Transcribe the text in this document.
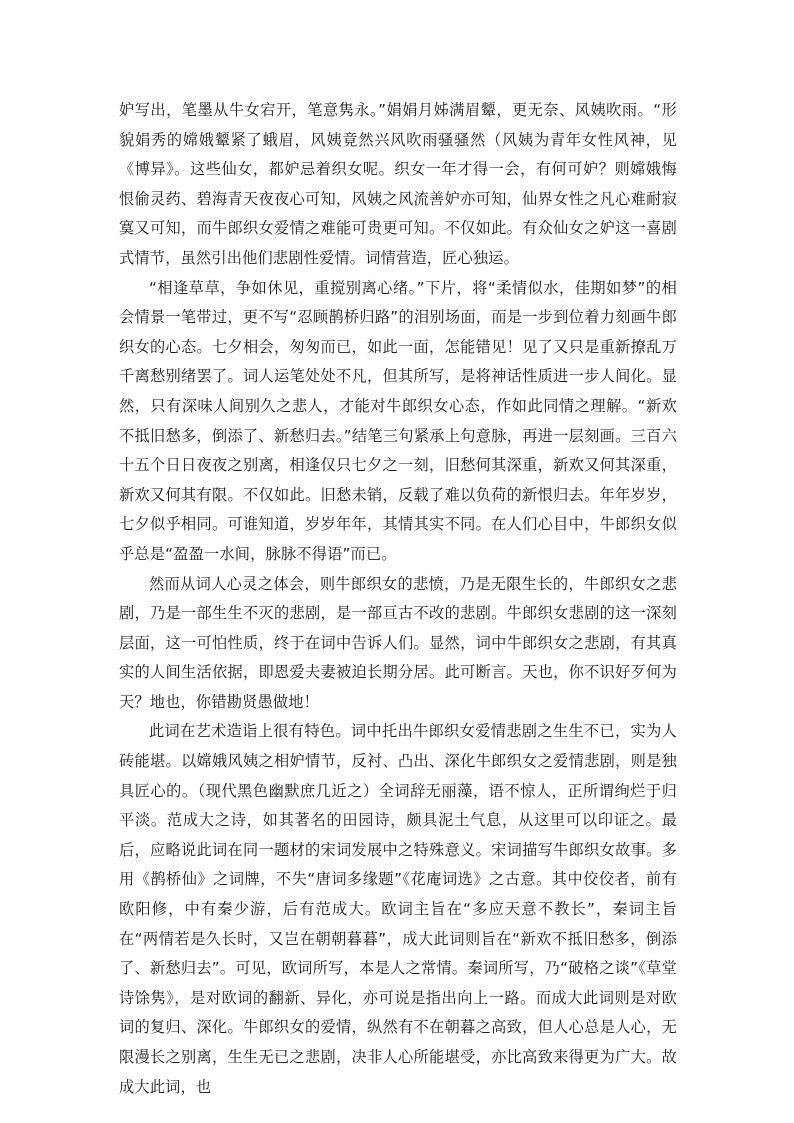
妒写出，笔墨从牛女宕开，笔意隽永。”娟娟月姊满眉颦，更无奈、风姨吹雨。“形貌娟秀的嫦娥颦紧了蛾眉，风姨竟然兴风吹雨骚骚然（风姨为青年女性风神，见《博异》。这些仙女，都妒忌着织女呢。织女一年才得一会，有何可妒？则嫦娥悔恨偷灵药、碧海青天夜夜心可知，风姨之风流善妒亦可知，仙界女性之凡心难耐寂寞又可知，而牛郎织女爱情之难能可贵更可知。不仅如此。有众仙女之妒这一喜剧式情节，虽然引出他们悲剧性爱情。词情营造，匠心独运。

“相逢草草，争如休见，重搅别离心绪。”下片，将“柔情似水，佳期如梦”的相会情景一笔带过，更不写“忍顾鹊桥归路”的泪别场面，而是一步到位着力刻画牛郎织女的心态。七夕相会，匆匆而已，如此一面，怎能错见！见了又只是重新撩乱万千离愁别绪罢了。词人运笔处处不凡，但其所写，是将神话性质进一步人间化。显然，只有深味人间别久之悲人，才能对牛郎织女心态，作如此同情之理解。“新欢不抵旧愁多，倒添了、新愁归去。”结笔三句紧承上句意脉，再进一层刻画。三百六十五个日日夜夜之别离，相逢仅只七夕之一刻，旧愁何其深重，新欢又何其深重，新欢又何其有限。不仅如此。旧愁未销，反载了难以负荷的新恨归去。年年岁岁，七夕似乎相同。可谁知道，岁岁年年，其情其实不同。在人们心目中，牛郎织女似乎总是“盈盈一水间，脉脉不得语”而已。

然而从词人心灵之体会，则牛郎织女的悲愤，乃是无限生长的，牛郎织女之悲剧，乃是一部生生不灭的悲剧，是一部亘古不改的悲剧。牛郎织女悲剧的这一深刻层面，这一可怕性质，终于在词中告诉人们。显然，词中牛郎织女之悲剧，有其真实的人间生活依据，即恩爱夫妻被迫长期分居。此可断言。天也，你不识好歹何为天？地也，你错勘贤愚做地！

此词在艺术造诣上很有特色。词中托出牛郎织女爱情悲剧之生生不已，实为人砖能堪。以嫦娥风姨之相妒情节，反衬、凸出、深化牛郎织女之爱情悲剧，则是独具匠心的。（现代黑色幽默庶几近之）全词辞无丽藻，语不惊人，正所谓绚烂于归平淡。范成大之诗，如其著名的田园诗，颇具泥土气息，从这里可以印证之。最后，应略说此词在同一题材的宋词发展中之特殊意义。宋词描写牛郎织女故事。多用《鹊桥仙》之词牌，不失“唐词多缘题”《花庵词选》之古意。其中佼佼者，前有欧阳修，中有秦少游，后有范成大。欧词主旨在“多应天意不教长”，秦词主旨在“两情若是久长时，又岂在朝朝暮暮”，成大此词则旨在“新欢不抵旧愁多，倒添了、新愁归去”。可见，欧词所写，本是人之常情。秦词所写，乃“破格之谈”《草堂诗馀隽》，是对欧词的翻新、异化，亦可说是指出向上一路。而成大此词则是对欧词的复归、深化。牛郎织女的爱情，纵然有不在朝暮之高致，但人心总是人心，无限漫长之别离，生生无已之悲剧，决非人心所能堪受，亦比高致来得更为广大。故成大此词，也
